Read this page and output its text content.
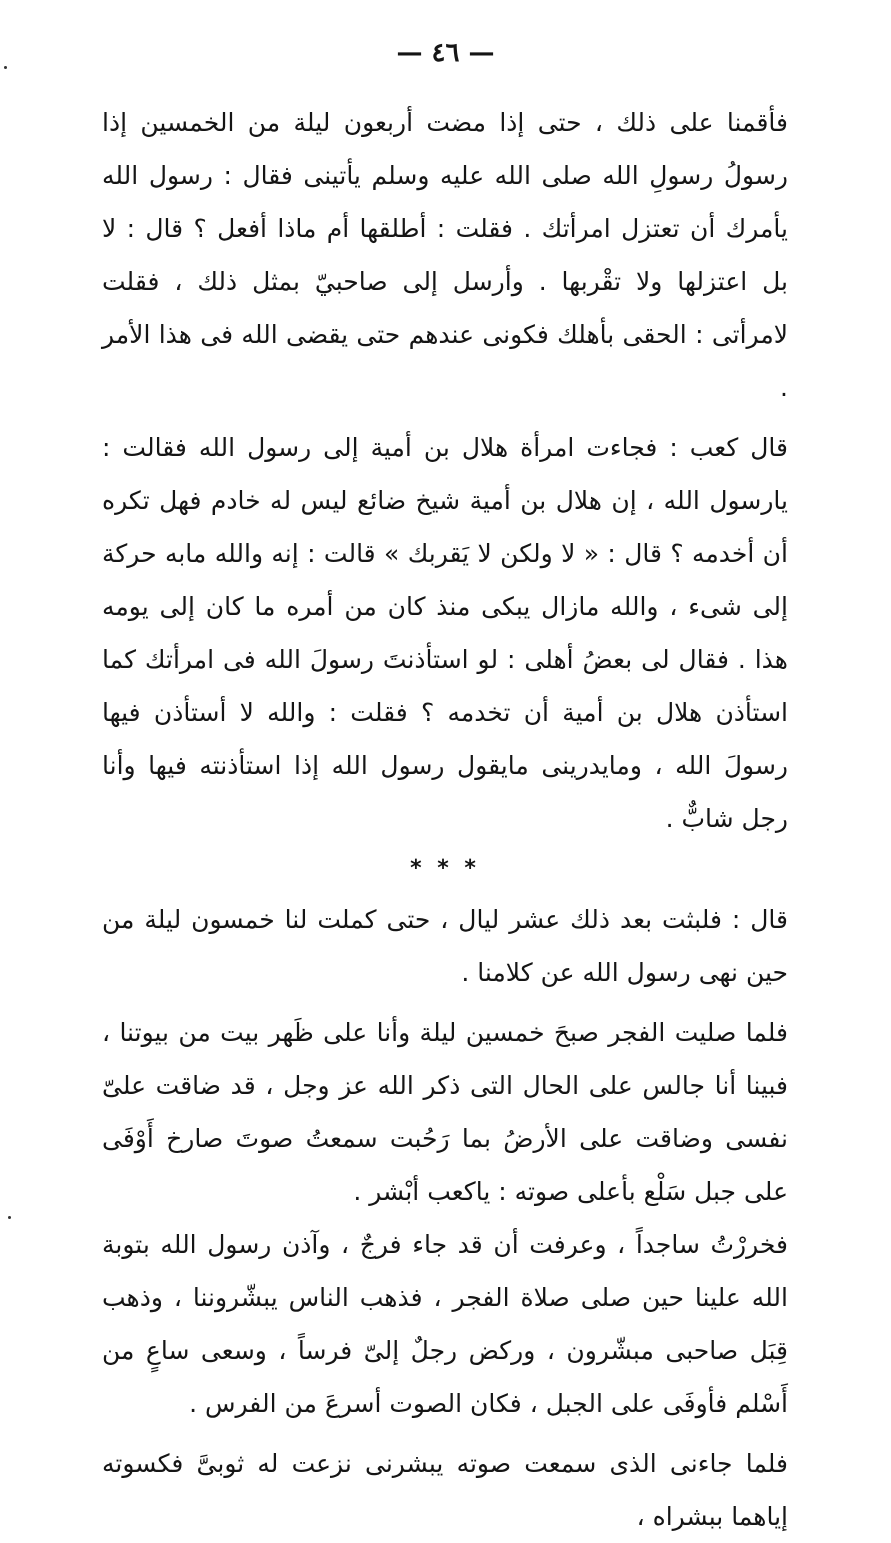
— ٤٦ —

فأقمنا على ذلك ، حتى إذا مضت أربعون ليلة من الخمسين إذا رسولُ رسولِ الله صلى الله عليه وسلم يأتينى فقال : رسول الله يأمرك أن تعتزل امرأتك . فقلت : أطلقها أم ماذا أفعل ؟ قال : لا بل اعتزلها ولا تقْربها . وأرسل إلى صاحبيّ بمثل ذلك ، فقلت لامرأتى : الحقى بأهلك فكونى عندهم حتى يقضى الله فى هذا الأمر .

قال كعب : فجاءت امرأة هلال بن أمية إلى رسول الله فقالت : يارسول الله ، إن هلال بن أمية شيخ ضائع ليس له خادم فهل تكره أن أخدمه ؟ قال : « لا ولكن لا يَقربك » قالت : إنه والله مابه حركة إلى شىء ، والله مازال يبكى منذ كان من أمره ما كان إلى يومه هذا . فقال لى بعضُ أهلى : لو استأذنتَ رسولَ الله فى امرأتك كما استأذن هلال بن أمية أن تخدمه ؟ فقلت : والله لا أستأذن فيها رسولَ الله ، ومايدرينى مايقول رسول الله إذا استأذنته فيها وأنا رجل شابٌّ .

* * *

قال : فلبثت بعد ذلك عشر ليال ، حتى كملت لنا خمسون ليلة من حين نهى رسول الله عن كلامنا .

فلما صليت الفجر صبحَ خمسين ليلة وأنا على ظَهر بيت من بيوتنا ، فبينا أنا جالس على الحال التى ذكر الله عز وجل ، قد ضاقت علىّ نفسى وضاقت على الأرضُ بما رَحُبت سمعتُ صوتَ صارخ أَوْفَى على جبل سَلْع بأعلى صوته : ياكعب أبْشر .

فخررْتُ ساجداً ، وعرفت أن قد جاء فرجٌ ، وآذن رسول الله بتوبة الله علينا حين صلى صلاة الفجر ، فذهب الناس يبشّروننا ، وذهب قِبَل صاحبى مبشّرون ، وركض رجلٌ إلىّ فرساً ، وسعى ساعٍ من أَسْلم فأوفَى على الجبل ، فكان الصوت أسرعَ من الفرس .

فلما جاءنى الذى سمعت صوته يبشرنى نزعت له ثوبىَّ فكسوته إياهما ببشراه ،
